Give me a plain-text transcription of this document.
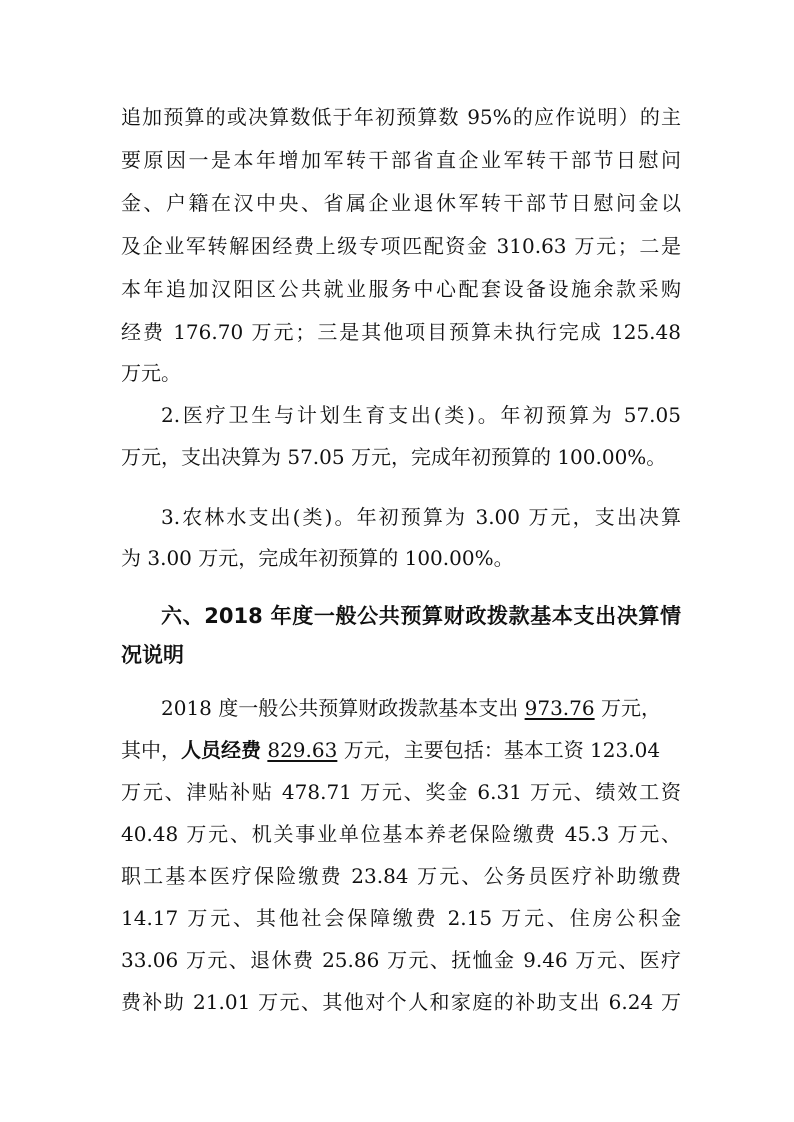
追加预算的或决算数低于年初预算数 95%的应作说明）的主
要原因一是本年增加军转干部省直企业军转干部节日慰问
金、户籍在汉中央、省属企业退休军转干部节日慰问金以
及企业军转解困经费上级专项匹配资金 310.63 万元；二是
本年追加汉阳区公共就业服务中心配套设备设施余款采购
经费 176.70 万元；三是其他项目预算未执行完成 125.48
万元。
2.医疗卫生与计划生育支出(类)。年初预算为 57.05
万元，支出决算为 57.05 万元，完成年初预算的 100.00%。
3.农林水支出(类)。年初预算为 3.00 万元，支出决算
为 3.00 万元，完成年初预算的 100.00%。
六、2018 年度一般公共预算财政拨款基本支出决算情
况说明
2018 度一般公共预算财政拨款基本支出 973.76 万元，
其中，人员经费 829.63 万元，主要包括：基本工资 123.04
万元、津贴补贴 478.71 万元、奖金 6.31 万元、绩效工资
40.48 万元、机关事业单位基本养老保险缴费 45.3 万元、
职工基本医疗保险缴费 23.84 万元、公务员医疗补助缴费
14.17 万元、其他社会保障缴费 2.15 万元、住房公积金
33.06 万元、退休费 25.86 万元、抚恤金 9.46 万元、医疗
费补助 21.01 万元、其他对个人和家庭的补助支出 6.24 万
